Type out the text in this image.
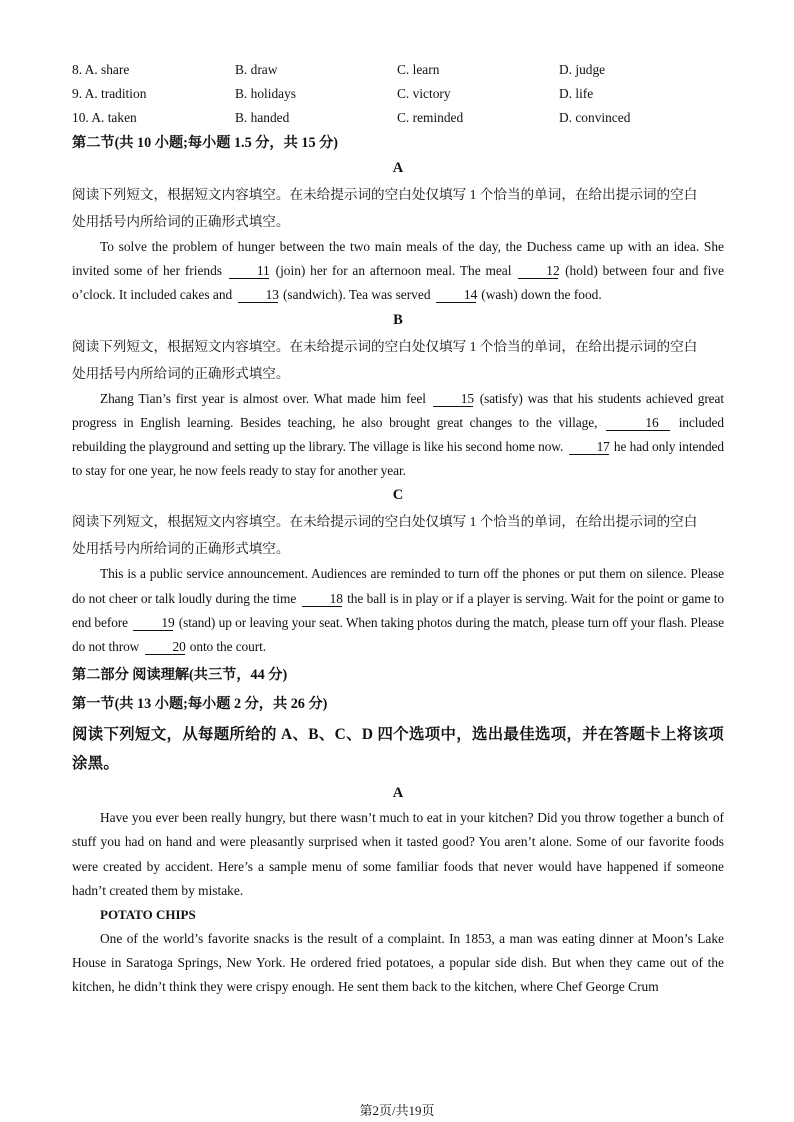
8. A. share	B. draw	C. learn	D. judge
9. A. tradition	B. holidays	C. victory	D. life
10. A. taken	B. handed	C. reminded	D. convinced
第二节(共 10 小题;每小题 1.5 分，共 15 分)
A
阅读下列短文，根据短文内容填空。在未给提示词的空白处仅填写 1 个恰当的单词，在给出提示词的空白
处用括号内所给词的正确形式填空。
To solve the problem of hunger between the two main meals of the day, the Duchess came up with an idea. She invited some of her friends	11 (join) her for an afternoon meal. The meal	12 (hold) between four and five o’clock. It included cakes and 13 (sandwich). Tea was served 14 (wash) down the food.
B
阅读下列短文，根据短文内容填空。在未给提示词的空白处仅填写 1 个恰当的单词，在给出提示词的空白
处用括号内所给词的正确形式填空。
Zhang Tian’s first year is almost over. What made him feel	15 (satisfy) was that his students achieved great progress in English learning. Besides teaching, he also brought great changes to the village,	16 included rebuilding the playground and setting up the library. The village is like his second home now. 17 he had only intended to stay for one year, he now feels ready to stay for another year.
C
阅读下列短文，根据短文内容填空。在未给提示词的空白处仅填写 1 个恰当的单词，在给出提示词的空白
处用括号内所给词的正确形式填空。
This is a public service announcement. Audiences are reminded to turn off the phones or put them on silence. Please do not cheer or talk loudly during the time 18 the ball is in play or if a player is serving. Wait for the point or game to end before 19 (stand) up or leaving your seat. When taking photos during the match, please turn off your flash. Please do not throw 20 onto the court.
第二部分 阅读理解(共三节，44 分)
第一节(共 13 小题;每小题 2 分，共 26 分)
阅读下列短文，从每题所给的 A、B、C、D 四个选项中，选出最佳选项，并在答题卡上将该项涂黑。
A
Have you ever been really hungry, but there wasn’t much to eat in your kitchen? Did you throw together a bunch of stuff you had on hand and were pleasantly surprised when it tasted good? You aren’t alone. Some of our favorite foods were created by accident. Here’s a sample menu of some familiar foods that never would have happened if someone hadn’t created them by mistake.
POTATO CHIPS
One of the world’s favorite snacks is the result of a complaint. In 1853, a man was eating dinner at Moon’s Lake House in Saratoga Springs, New York. He ordered fried potatoes, a popular side dish. But when they came out of the kitchen, he didn’t think they were crispy enough. He sent them back to the kitchen, where Chef George Crum
第2页/共19页
